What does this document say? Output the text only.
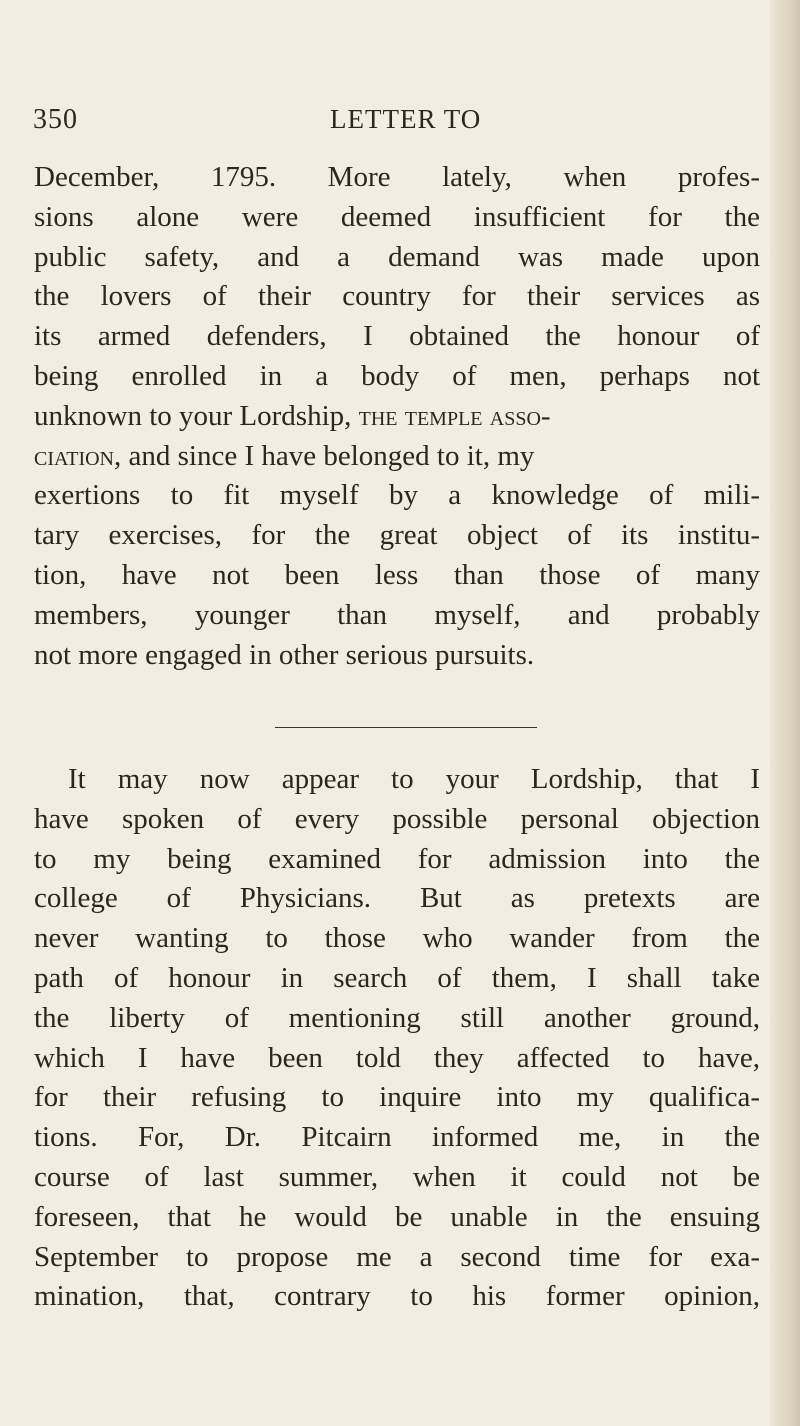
350	LETTER TO
December, 1795. More lately, when profes-
sions alone were deemed insufficient for the
public safety, and a demand was made upon
the lovers of their country for their services as
its armed defenders, I obtained the honour of
being enrolled in a body of men, perhaps not
unknown to your Lordship, the temple asso-
ciation, and since I have belonged to it, my
exertions to fit myself by a knowledge of mili-
tary exercises, for the great object of its institu-
tion, have not been less than those of many
members, younger than myself, and probably
not more engaged in other serious pursuits.
It may now appear to your Lordship, that I
have spoken of every possible personal objection
to my being examined for admission into the
college of Physicians. But as pretexts are
never wanting to those who wander from the
path of honour in search of them, I shall take
the liberty of mentioning still another ground,
which I have been told they affected to have,
for their refusing to inquire into my qualifica-
tions. For, Dr. Pitcairn informed me, in the
course of last summer, when it could not be
foreseen, that he would be unable in the ensuing
September to propose me a second time for exa-
mination, that, contrary to his former opinion,
